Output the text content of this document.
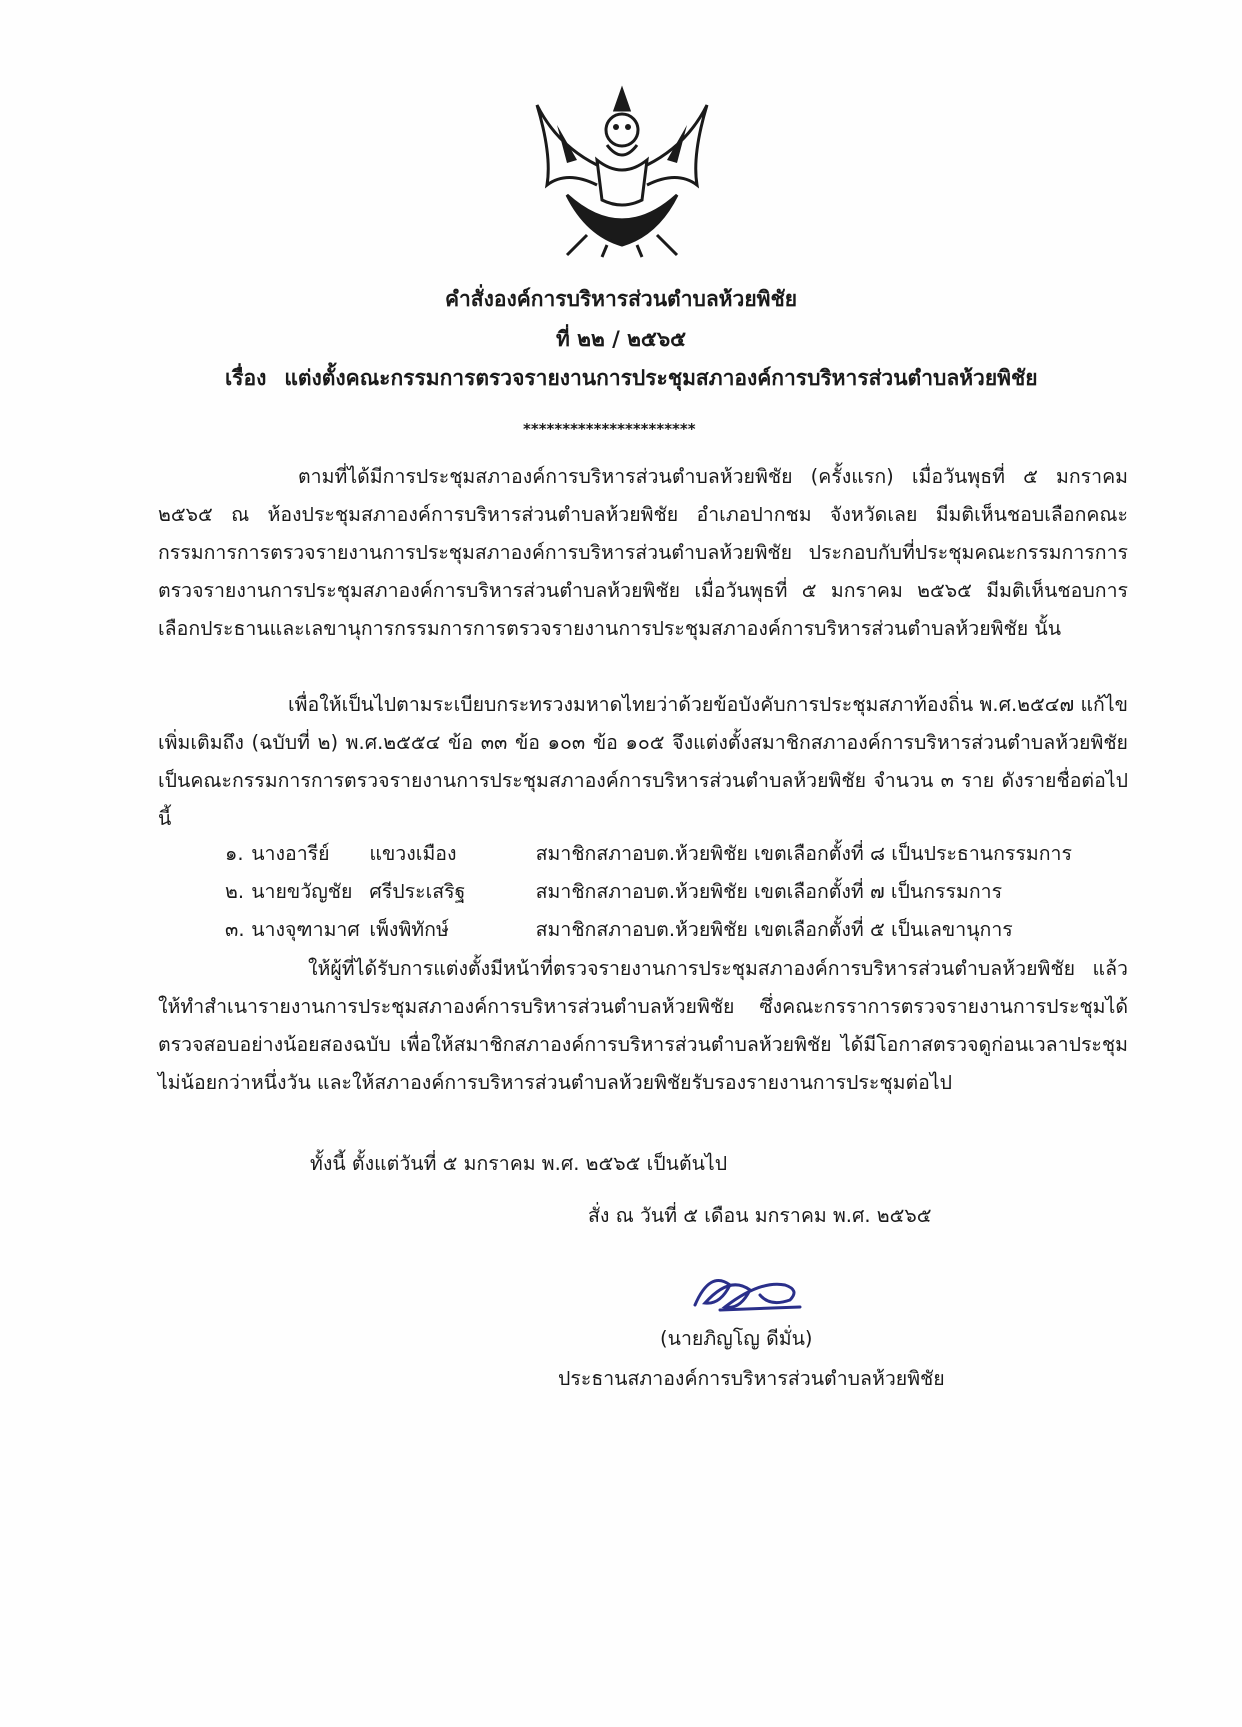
คำสั่งองค์การบริหารส่วนตำบลห้วยพิชัย
ที่ ๒๒ / ๒๕๖๕
เรื่อง แต่งตั้งคณะกรรมการตรวจรายงานการประชุมสภาองค์การบริหารส่วนตำบลห้วยพิชัย
**********************
ตามที่ได้มีการประชุมสภาองค์การบริหารส่วนตำบลห้วยพิชัย (ครั้งแรก) เมื่อวันพุธที่ ๕ มกราคม ๒๕๖๕ ณ ห้องประชุมสภาองค์การบริหารส่วนตำบลห้วยพิชัย อำเภอปากชม จังหวัดเลย มีมติเห็นชอบเลือกคณะกรรมการการตรวจรายงานการประชุมสภาองค์การบริหารส่วนตำบลห้วยพิชัย ประกอบกับที่ประชุมคณะกรรมการการตรวจรายงานการประชุมสภาองค์การบริหารส่วนตำบลห้วยพิชัย เมื่อวันพุธที่ ๕ มกราคม ๒๕๖๕ มีมติเห็นชอบการเลือกประธานและเลขานุการกรรมการการตรวจรายงานการประชุมสภาองค์การบริหารส่วนตำบลห้วยพิชัย นั้น
เพื่อให้เป็นไปตามระเบียบกระทรวงมหาดไทยว่าด้วยข้อบังคับการประชุมสภาท้องถิ่น พ.ศ.๒๕๔๗ แก้ไขเพิ่มเติมถึง (ฉบับที่ ๒) พ.ศ.๒๕๕๔ ข้อ ๓๓ ข้อ ๑๐๓ ข้อ ๑๐๕ จึงแต่งตั้งสมาชิกสภาองค์การบริหารส่วนตำบลห้วยพิชัย เป็นคณะกรรมการการตรวจรายงานการประชุมสภาองค์การบริหารส่วนตำบลห้วยพิชัย จำนวน ๓ ราย ดังรายชื่อต่อไปนี้
๑. นางอารีย์ แขวงเมือง	สมาชิกสภาอบต.ห้วยพิชัย เขตเลือกตั้งที่ ๘ เป็นประธานกรรมการ
๒. นายขวัญชัย ศรีประเสริฐ	สมาชิกสภาอบต.ห้วยพิชัย เขตเลือกตั้งที่ ๗ เป็นกรรมการ
๓. นางจุฑามาศ เพ็งพิทักษ์	สมาชิกสภาอบต.ห้วยพิชัย เขตเลือกตั้งที่ ๕ เป็นเลขานุการ
ให้ผู้ที่ได้รับการแต่งตั้งมีหน้าที่ตรวจรายงานการประชุมสภาองค์การบริหารส่วนตำบลห้วยพิชัย แล้วให้ทำสำเนารายงานการประชุมสภาองค์การบริหารส่วนตำบลห้วยพิชัย ซึ่งคณะกรราการตรวจรายงานการประชุมได้ตรวจสอบอย่างน้อยสองฉบับ เพื่อให้สมาชิกสภาองค์การบริหารส่วนตำบลห้วยพิชัย ได้มีโอกาสตรวจดูก่อนเวลาประชุมไม่น้อยกว่าหนึ่งวัน และให้สภาองค์การบริหารส่วนตำบลห้วยพิชัยรับรองรายงานการประชุมต่อไป
ทั้งนี้ ตั้งแต่วันที่ ๕ มกราคม พ.ศ. ๒๕๖๕ เป็นต้นไป
สั่ง ณ วันที่ ๕ เดือน มกราคม พ.ศ. ๒๕๖๕
(นายภิญโญ ดีมั่น)
ประธานสภาองค์การบริหารส่วนตำบลห้วยพิชัย
